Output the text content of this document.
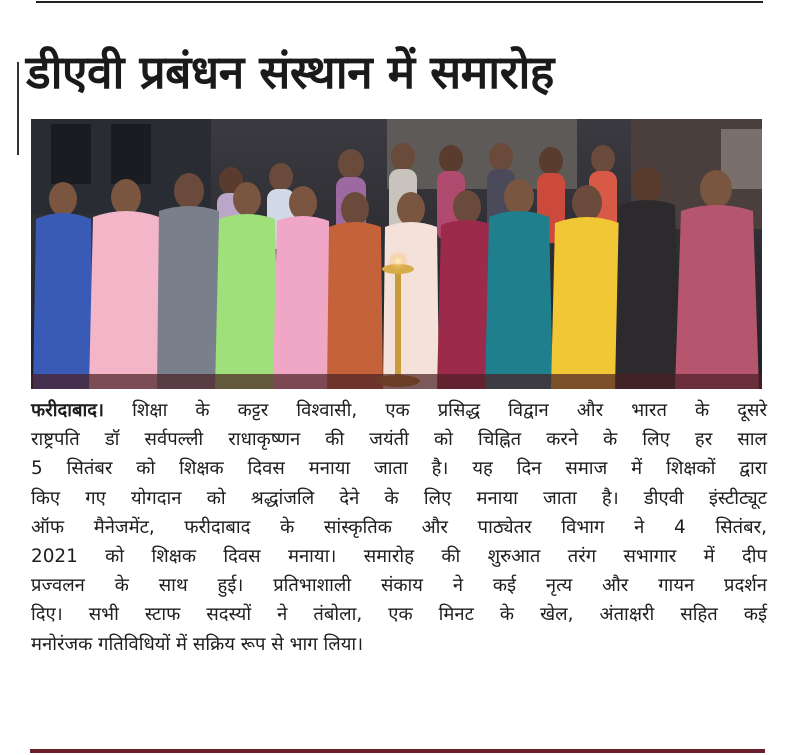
डीएवी प्रबंधन संस्थान में समारोह
फरीदाबाद। शिक्षा के कट्टर विश्वासी, एक प्रसिद्ध विद्वान और भारत के दूसरे
राष्ट्रपति डॉ सर्वपल्ली राधाकृष्णन की जयंती को चिह्नित करने के लिए हर साल
5 सितंबर को शिक्षक दिवस मनाया जाता है। यह दिन समाज में शिक्षकों द्वारा
किए गए योगदान को श्रद्धांजलि देने के लिए मनाया जाता है। डीएवी इंस्टीट्यूट
ऑफ मैनेजमेंट, फरीदाबाद के सांस्कृतिक और पाठ्येतर विभाग ने 4 सितंबर,
2021 को शिक्षक दिवस मनाया। समारोह की शुरुआत तरंग सभागार में दीप
प्रज्वलन के साथ हुई। प्रतिभाशाली संकाय ने कई नृत्य और गायन प्रदर्शन
दिए। सभी स्टाफ सदस्यों ने तंबोला, एक मिनट के खेल, अंताक्षरी सहित कई
मनोरंजक गतिविधियों में सक्रिय रूप से भाग लिया।
